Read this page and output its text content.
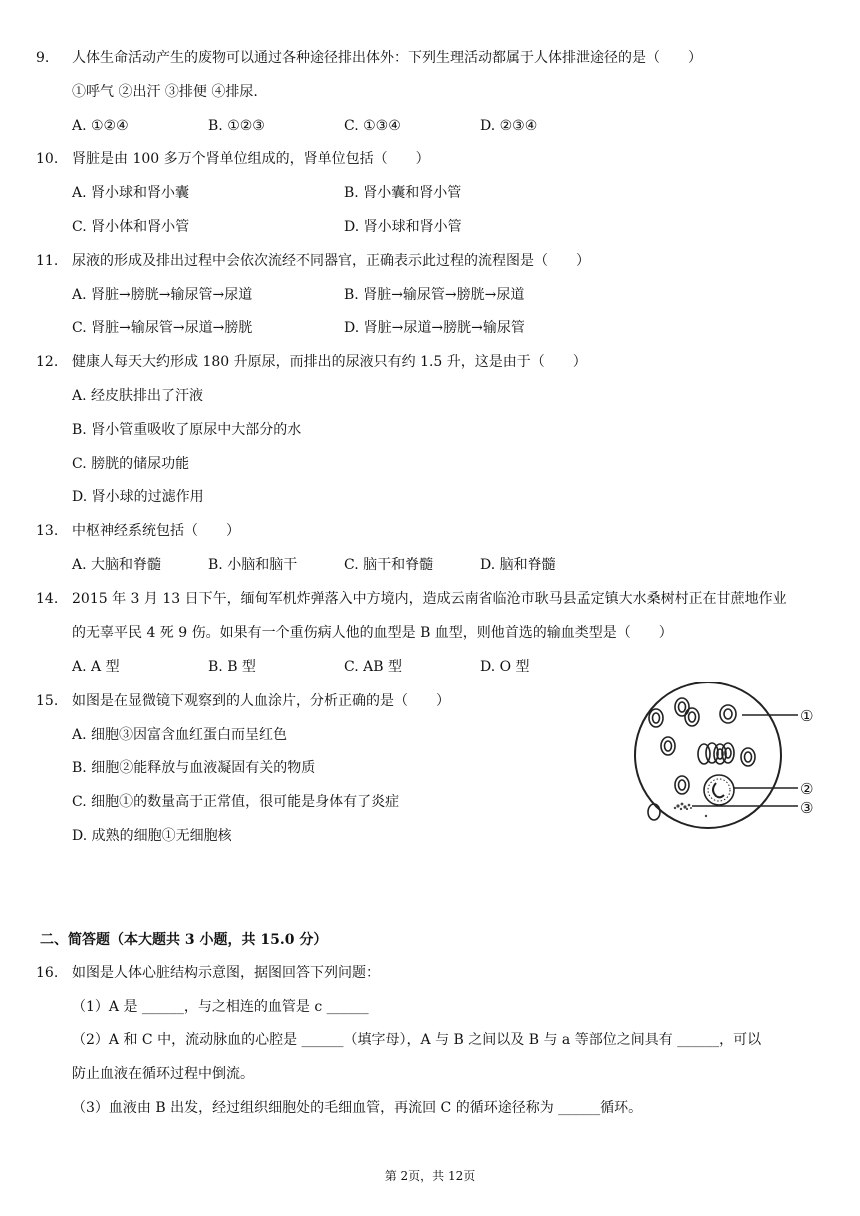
9. 人体生命活动产生的废物可以通过各种途径排出体外：下列生理活动都属于人体排泄途径的是（　　）
①呼气 ②出汗 ③排便 ④排尿.
A. ①②④	B. ①②③	C. ①③④	D. ②③④
10. 肾脏是由 100 多万个肾单位组成的，肾单位包括（　　）
A. 肾小球和肾小囊	B. 肾小囊和肾小管
C. 肾小体和肾小管	D. 肾小球和肾小管
11. 尿液的形成及排出过程中会依次流经不同器官，正确表示此过程的流程图是（　　）
A. 肾脏→膀胱→输尿管→尿道	B. 肾脏→输尿管→膀胱→尿道
C. 肾脏→输尿管→尿道→膀胱	D. 肾脏→尿道→膀胱→输尿管
12. 健康人每天大约形成 180 升原尿，而排出的尿液只有约 1.5 升，这是由于（　　）
A. 经皮肤排出了汗液
B. 肾小管重吸收了原尿中大部分的水
C. 膀胱的储尿功能
D. 肾小球的过滤作用
13. 中枢神经系统包括（　　）
A. 大脑和脊髓	B. 小脑和脑干	C. 脑干和脊髓	D. 脑和脊髓
14. 2015 年 3 月 13 日下午，缅甸军机炸弹落入中方境内，造成云南省临沧市耿马县孟定镇大水桑树村正在甘蔗地作业
的无辜平民 4 死 9 伤。如果有一个重伤病人他的血型是 B 血型，则他首选的输血类型是（　　）
A. A 型	B. B 型	C. AB 型	D. O 型
15. 如图是在显微镜下观察到的人血涂片，分析正确的是（　　）
A. 细胞③因富含血红蛋白而呈红色
B. 细胞②能释放与血液凝固有关的物质
C. 细胞①的数量高于正常值，很可能是身体有了炎症
D. 成熟的细胞①无细胞核
①
②
③
二、简答题（本大题共 3 小题，共 15.0 分）
16. 如图是人体心脏结构示意图，据图回答下列问题：
（1）A 是 ______，与之相连的血管是 c ______
（2）A 和 C 中，流动脉血的心腔是 ______（填字母），A 与 B 之间以及 B 与 a 等部位之间具有 ______，可以
防止血液在循环过程中倒流。
（3）血液由 B 出发，经过组织细胞处的毛细血管，再流回 C 的循环途径称为 ______循环。
第 2页，共 12页
